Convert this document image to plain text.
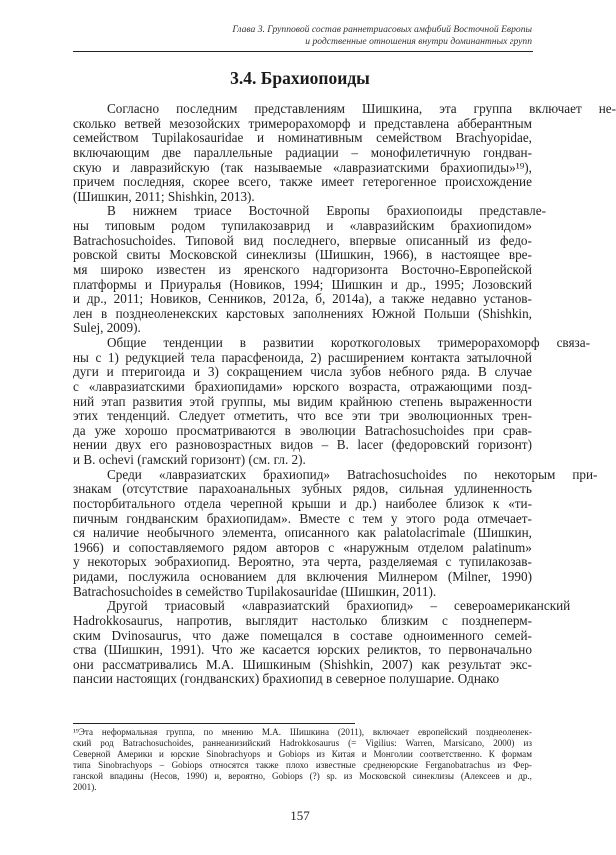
Глава 3. Групповой состав раннетриасовых амфибий Восточной Европы
и родственные отношения внутри доминантных групп
3.4. Брахиопоиды
Согласно	последним	представлениям	Шишкина,	эта	группа	включает	не-
сколько ветвей мезозойских тримерорахоморф и представлена абберантным
семейством Tupilakosauridae и номинативным семейством Brachyopidae,
включающим две параллельные радиации – монофилетичную гондван-
скую и лавразийскую (так называемые «лавразиатскими брахиопиды»¹⁹),
причем последняя, скорее всего, также имеет гетерогенное происхождение
(Шишкин, 2011; Shishkin, 2013).
В	нижнем	триасе	Восточной	Европы	брахиопоиды	представле-
ны типовым родом тупилакозаврид и «лавразийским брахиопидом»
Batrachosuchoides. Типовой вид последнего, впервые описанный из федо-
ровской свиты Московской синеклизы (Шишкин, 1966), в настоящее вре-
мя широко известен из яренского надгоризонта Восточно-Европейской
платформы и Приуралья (Новиков, 1994; Шишкин и др., 1995; Лозовский
и др., 2011; Новиков, Сенников, 2012а, б, 2014а), а также недавно установ-
лен в позднеоленекских карстовых заполнениях Южной Польши (Shishkin,
Sulej, 2009).
Общие	тенденции	в	развитии	короткоголовых	тримерорахоморф	связа-
ны с 1) редукцией тела парасфеноида, 2) расширением контакта затылочной
дуги и птеригоида и 3) сокращением числа зубов небного ряда. В случае
с «лавразиатскими брахиопидами» юрского возраста, отражающими позд-
ний этап развития этой группы, мы видим крайнюю степень выраженности
этих тенденций. Следует отметить, что все эти три эволюционных трен-
да уже хорошо просматриваются в эволюции Batrachosuchoides при срав-
нении двух его разновозрастных видов – B. lacer (федоровский горизонт)
и B. ochevi (гамский горизонт) (см. гл. 2).
Среди	«лавразиатских	брахиопид»	Batrachosuchoides	по	некоторым	при-
знакам (отсутствие парахоанальных зубных рядов, сильная удлиненность
посторбитального отдела черепной крыши и др.) наиболее близок к «ти-
пичным гондванским брахиопидам». Вместе с тем у этого рода отмечает-
ся наличие необычного элемента, описанного как palatolacrimale (Шишкин,
1966) и сопоставляемого рядом авторов с «наружным отделом palatinum»
у некоторых эобрахиопид. Вероятно, эта черта, разделяемая с тупилакозав-
ридами, послужила основанием для включения Милнером (Milner, 1990)
Batrachosuchoides в семейство Tupilakosauridae (Шишкин, 2011).
Другой	триасовый	«лавразиатский	брахиопид»	–	североамериканский
Hadrokkosaurus, напротив, выглядит настолько близким с позднеперм-
ским Dvinosaurus, что даже помещался в составе одноименного семей-
ства (Шишкин, 1991). Что же касается юрских реликтов, то первоначально
они рассматривались М.А. Шишкиным (Shishkin, 2007) как результат экс-
пансии настоящих (гондванских) брахиопид в северное полушарие. Однако
¹⁹Эта неформальная группа, по мнению М.А. Шишкина (2011), включает европейский позднеоленек-
ский род Batrachosuchoides, раннеанизийский Hadrokkosaurus (= Vigilius: Warren, Marsicano, 2000) из
Северной Америки и юрские Sinobrachyops и Gobiops из Китая и Монголии соответственно. К формам
типа Sinobrachyops – Gobiops относятся также плохо известные среднеюрские Ferganobatrachus из Фер-
ганской впадины (Несов, 1990) и, вероятно, Gobiops (?) sp. из Московской синеклизы (Алексеев и др.,
2001).
157
